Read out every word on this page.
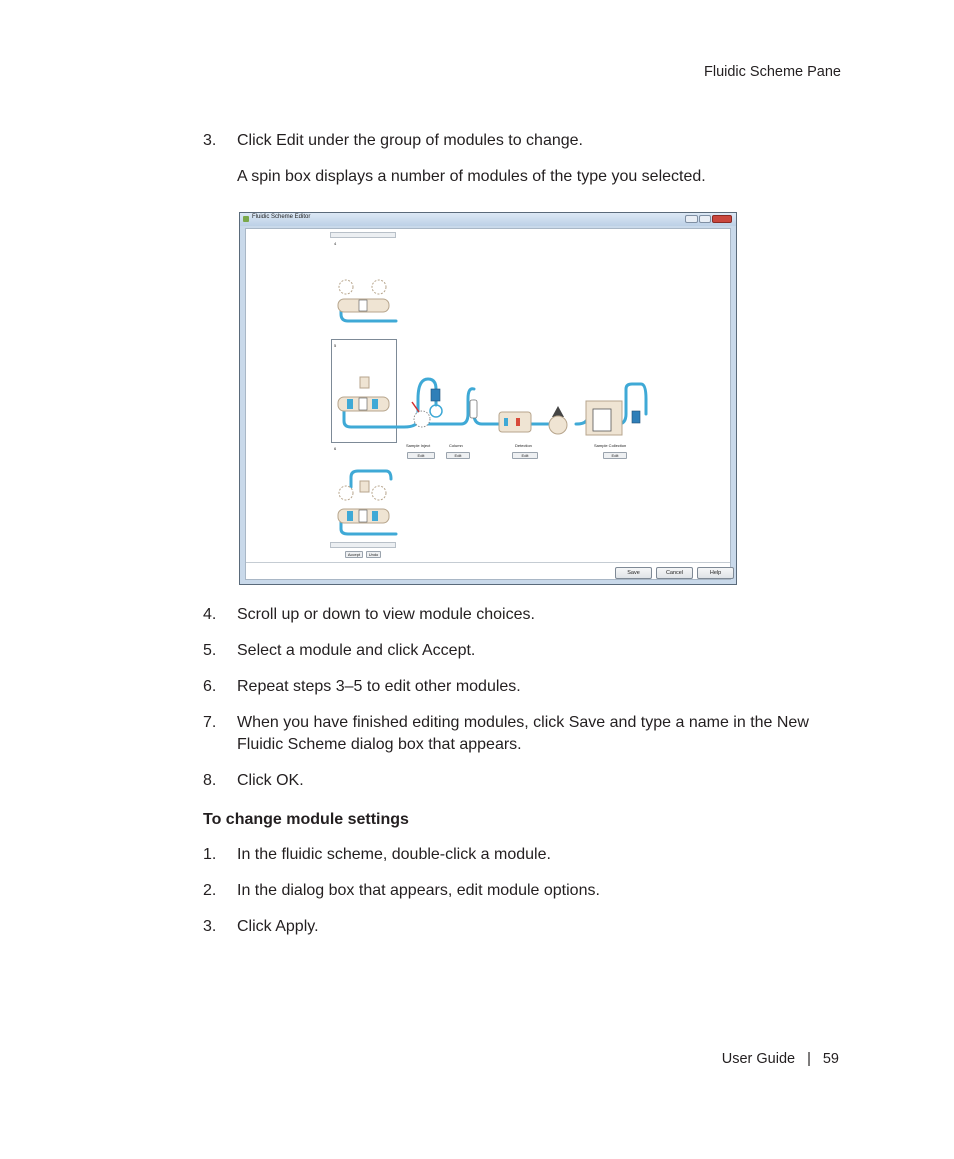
Fluidic Scheme Pane
3. Click Edit under the group of modules to change.
A spin box displays a number of modules of the type you selected.
Fluidic Scheme Editor
4
5
6
Sample Inject
Edit
Column
Edit
Detection
Edit
Sample Collection
Edit
Accept	Undo
Save	Cancel	Help
4. Scroll up or down to view module choices.
5. Select a module and click Accept.
6. Repeat steps 3–5 to edit other modules.
7. When you have finished editing modules, click Save and type a name in the New Fluidic Scheme dialog box that appears.
8. Click OK.
To change module settings
1. In the fluidic scheme, double-click a module.
2. In the dialog box that appears, edit module options.
3. Click Apply.
User Guide | 59
